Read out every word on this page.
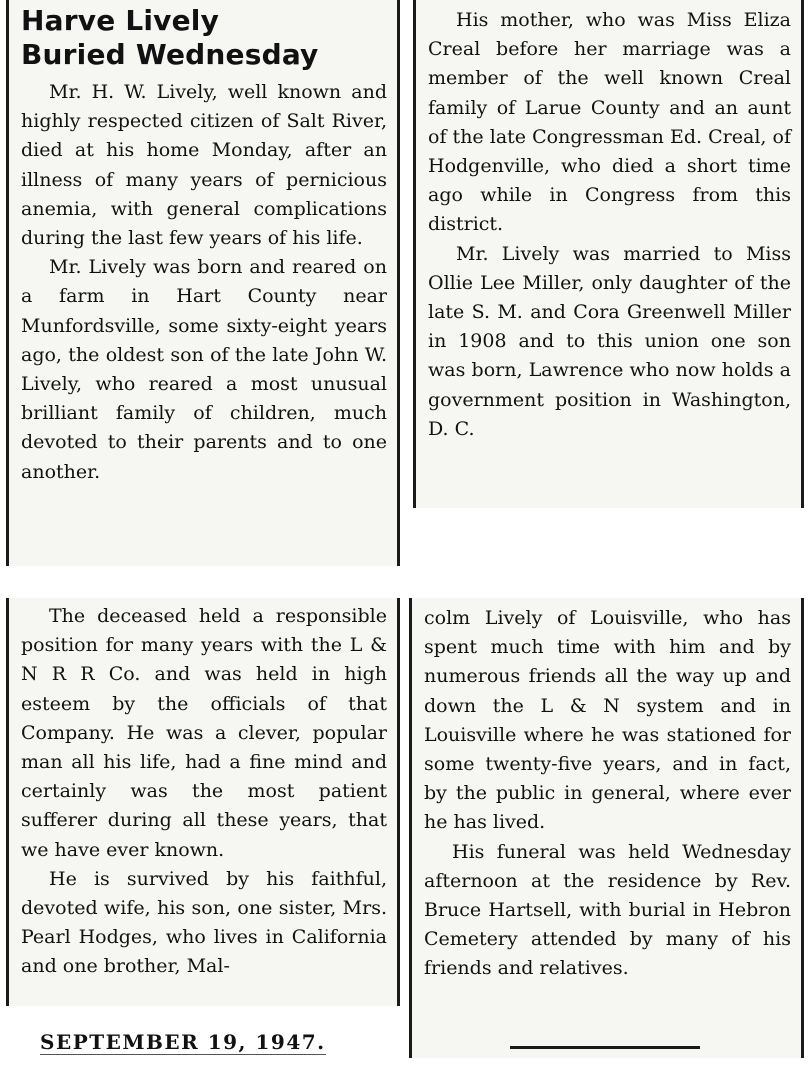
Harve Lively
Buried Wednesday

Mr. H. W. Lively, well known and highly respected citizen of Salt River, died at his home Monday, after an illness of many years of pernicious anemia, with general complications during the last few years of his life.

Mr. Lively was born and reared on a farm in Hart County near Munfordsville, some sixty-eight years ago, the oldest son of the late John W. Lively, who reared a most unusual brilliant family of children, much devoted to their parents and to one another.

His mother, who was Miss Eliza Creal before her marriage was a member of the well known Creal family of Larue County and an aunt of the late Congressman Ed. Creal, of Hodgenville, who died a short time ago while in Congress from this district.

Mr. Lively was married to Miss Ollie Lee Miller, only daughter of the late S. M. and Cora Greenwell Miller in 1908 and to this union one son was born, Lawrence who now holds a government position in Washington, D. C.

The deceased held a responsible position for many years with the L & N R R Co. and was held in high esteem by the officials of that Company. He was a clever, popular man all his life, had a fine mind and certainly was the most patient sufferer during all these years, that we have ever known.

He is survived by his faithful, devoted wife, his son, one sister, Mrs. Pearl Hodges, who lives in California and one brother, Mal-

colm Lively of Louisville, who has spent much time with him and by numerous friends all the way up and down the L & N system and in Louisville where he was stationed for some twenty-five years, and in fact, by the public in general, where ever he has lived.

His funeral was held Wednesday afternoon at the residence by Rev. Bruce Hartsell, with burial in Hebron Cemetery attended by many of his friends and relatives.

SEPTEMBER 19, 1947.
